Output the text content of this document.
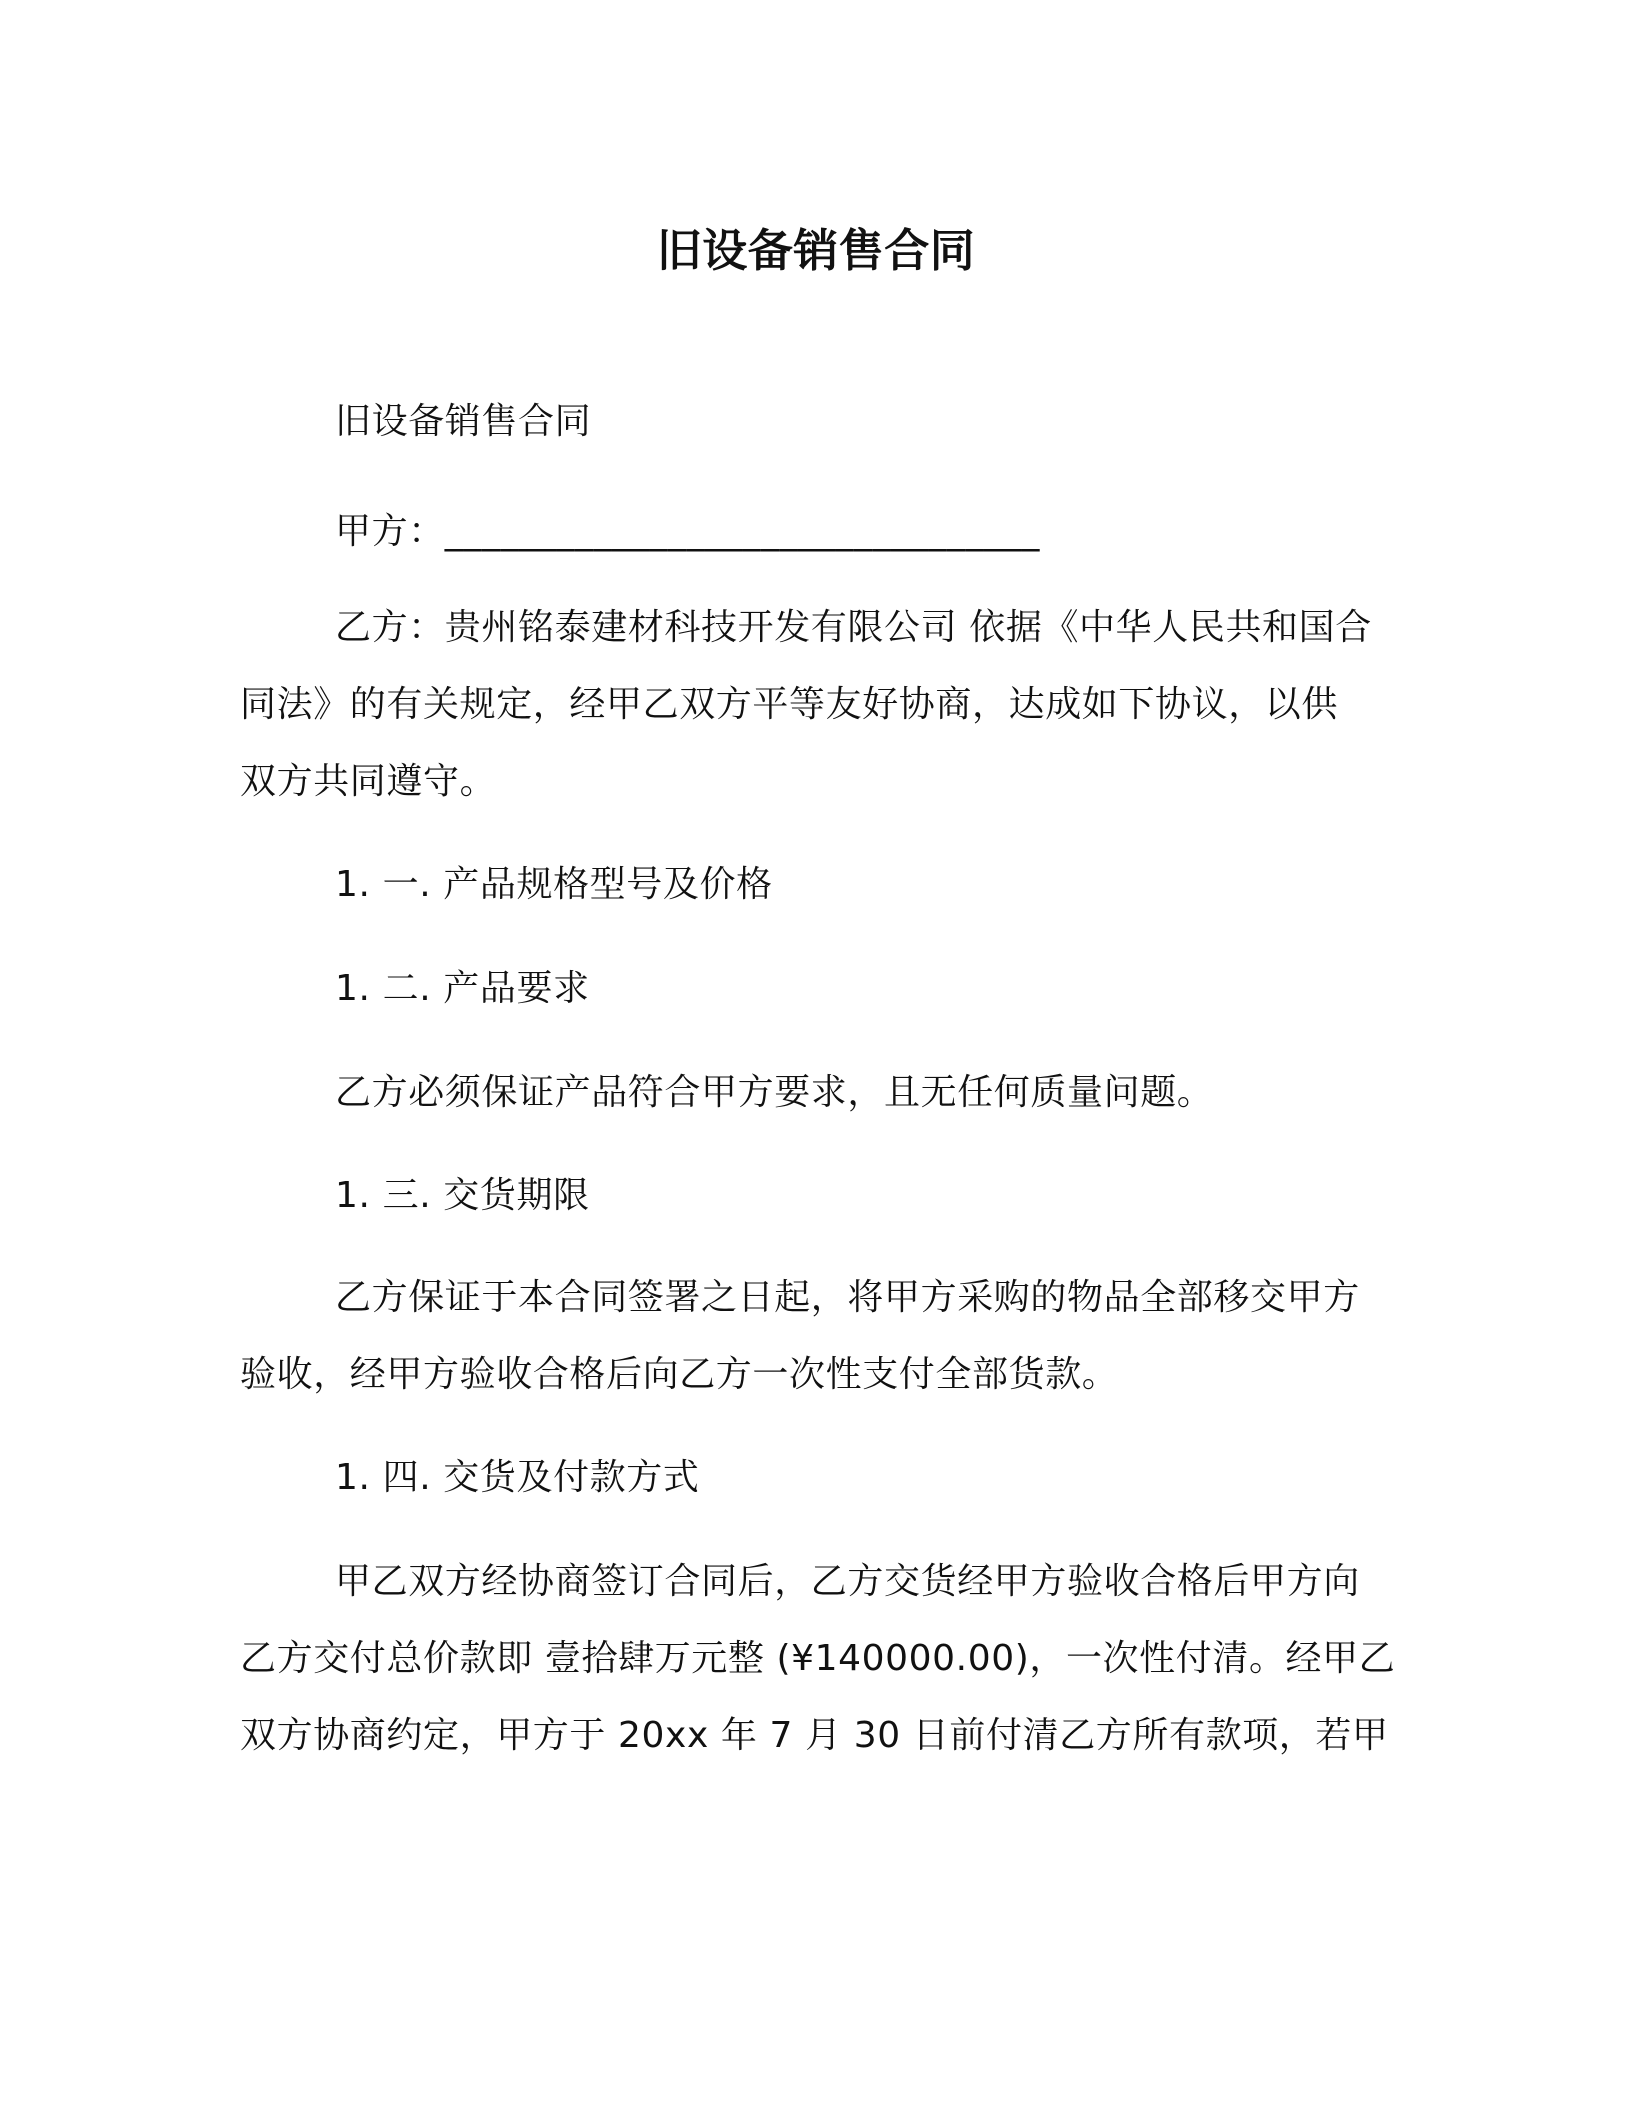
旧设备销售合同
旧设备销售合同
甲方：________________________________
乙方：贵州铭泰建材科技开发有限公司 依据《中华人民共和国合
同法》的有关规定，经甲乙双方平等友好协商，达成如下协议，以供
双方共同遵守。
1. 一. 产品规格型号及价格
1. 二. 产品要求
乙方必须保证产品符合甲方要求，且无任何质量问题。
1. 三. 交货期限
乙方保证于本合同签署之日起，将甲方采购的物品全部移交甲方
验收，经甲方验收合格后向乙方一次性支付全部货款。
1. 四. 交货及付款方式
甲乙双方经协商签订合同后，乙方交货经甲方验收合格后甲方向
乙方交付总价款即 壹拾肆万元整 (¥140000.00)，一次性付清。经甲乙
双方协商约定，甲方于 20xx 年 7 月 30 日前付清乙方所有款项，若甲
